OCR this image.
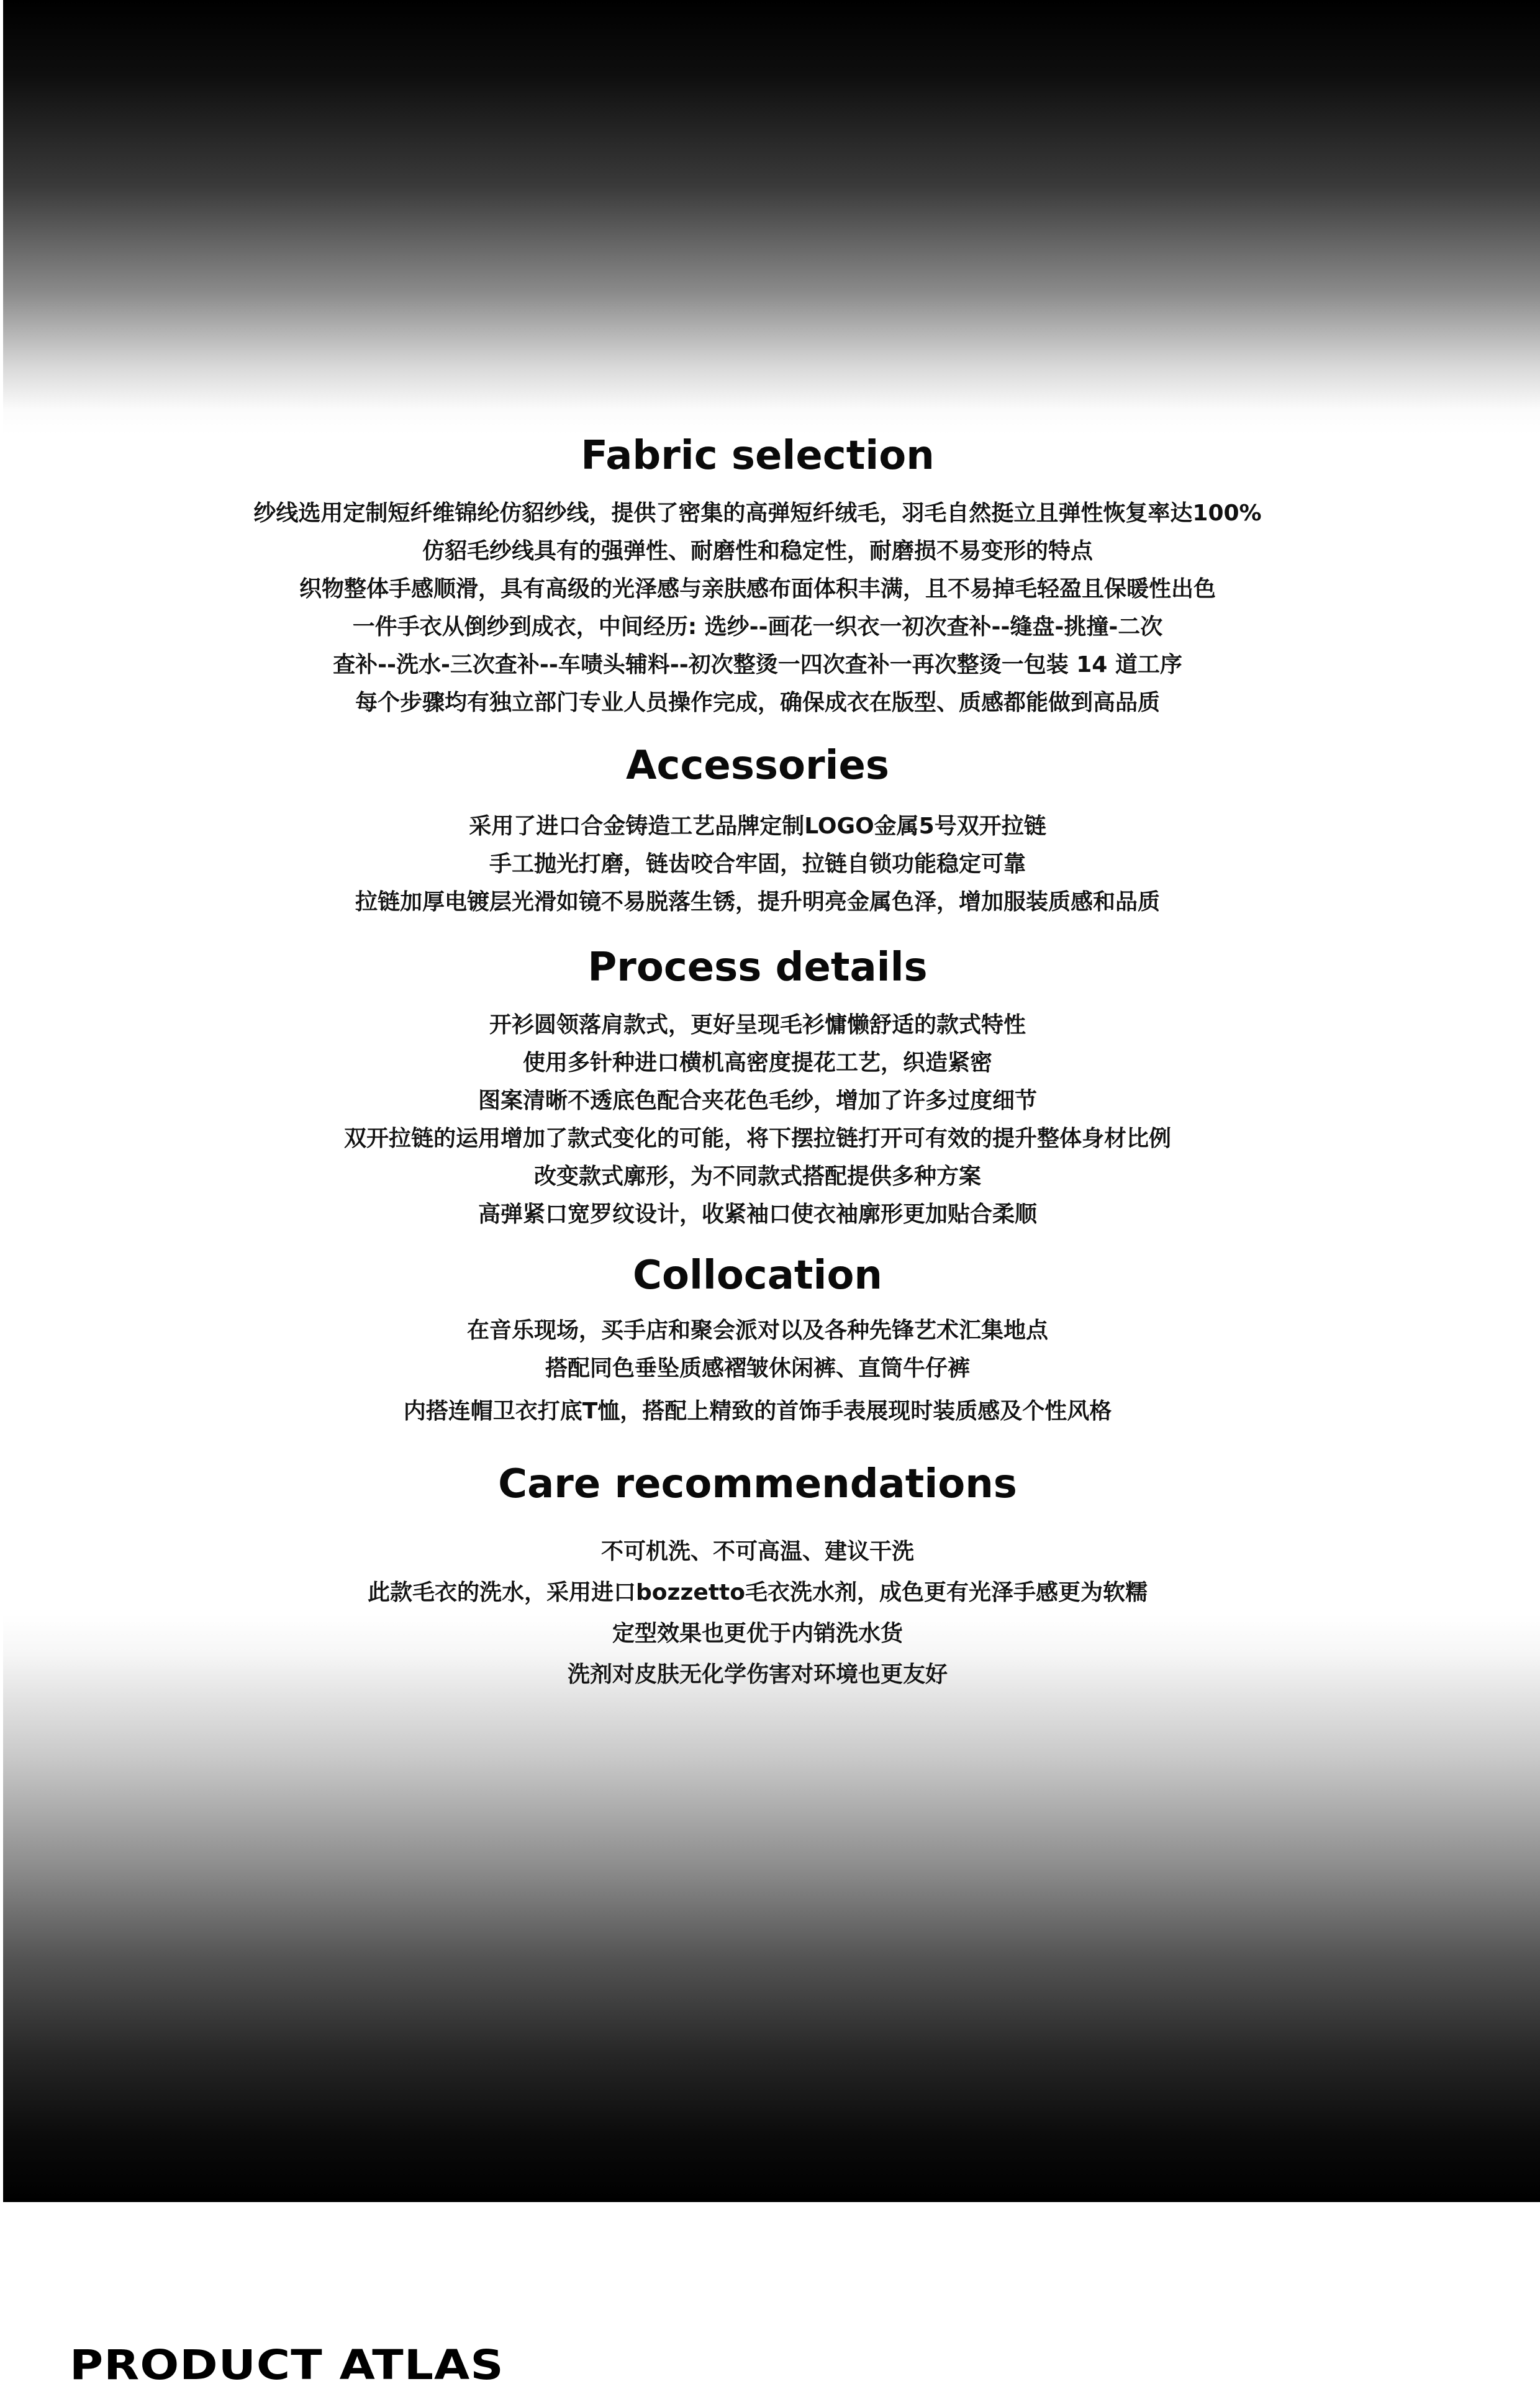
Fabric selection
纱线选用定制短纤维锦纶仿貂纱线，提供了密集的高弹短纤绒毛，羽毛自然挺立且弹性恢复率达100%
仿貂毛纱线具有的强弹性、耐磨性和稳定性，耐磨损不易变形的特点
织物整体手感顺滑，具有高级的光泽感与亲肤感布面体积丰满，且不易掉毛轻盈且保暖性出色
一件手衣从倒纱到成衣，中间经历: 选纱--画花一织衣一初次查补--缝盘-挑撞-二次
查补--洗水-三次查补--车啧头辅料--初次整烫一四次查补一再次整烫一包装 14 道工序
每个步骤均有独立部门专业人员操作完成，确保成衣在版型、质感都能做到高品质
Accessories
采用了进口合金铸造工艺品牌定制LOGO金属5号双开拉链
手工抛光打磨，链齿咬合牢固，拉链自锁功能稳定可靠
拉链加厚电镀层光滑如镜不易脱落生锈，提升明亮金属色泽，增加服装质感和品质
Process details
开衫圆领落肩款式，更好呈现毛衫慵懒舒适的款式特性
使用多针种进口横机高密度提花工艺，织造紧密
图案清晰不透底色配合夹花色毛纱，增加了许多过度细节
双开拉链的运用增加了款式变化的可能，将下摆拉链打开可有效的提升整体身材比例
改变款式廓形，为不同款式搭配提供多种方案
高弹紧口宽罗纹设计，收紧袖口使衣袖廓形更加贴合柔顺
Collocation
在音乐现场，买手店和聚会派对以及各种先锋艺术汇集地点
搭配同色垂坠质感褶皱休闲裤、直筒牛仔裤
内搭连帽卫衣打底T恤，搭配上精致的首饰手表展现时装质感及个性风格
Care recommendations
不可机洗、不可高温、建议干洗
此款毛衣的洗水，采用进口bozzetto毛衣洗水剂，成色更有光泽手感更为软糯
定型效果也更优于内销洗水货
洗剂对皮肤无化学伤害对环境也更友好
PRODUCT ATLAS
